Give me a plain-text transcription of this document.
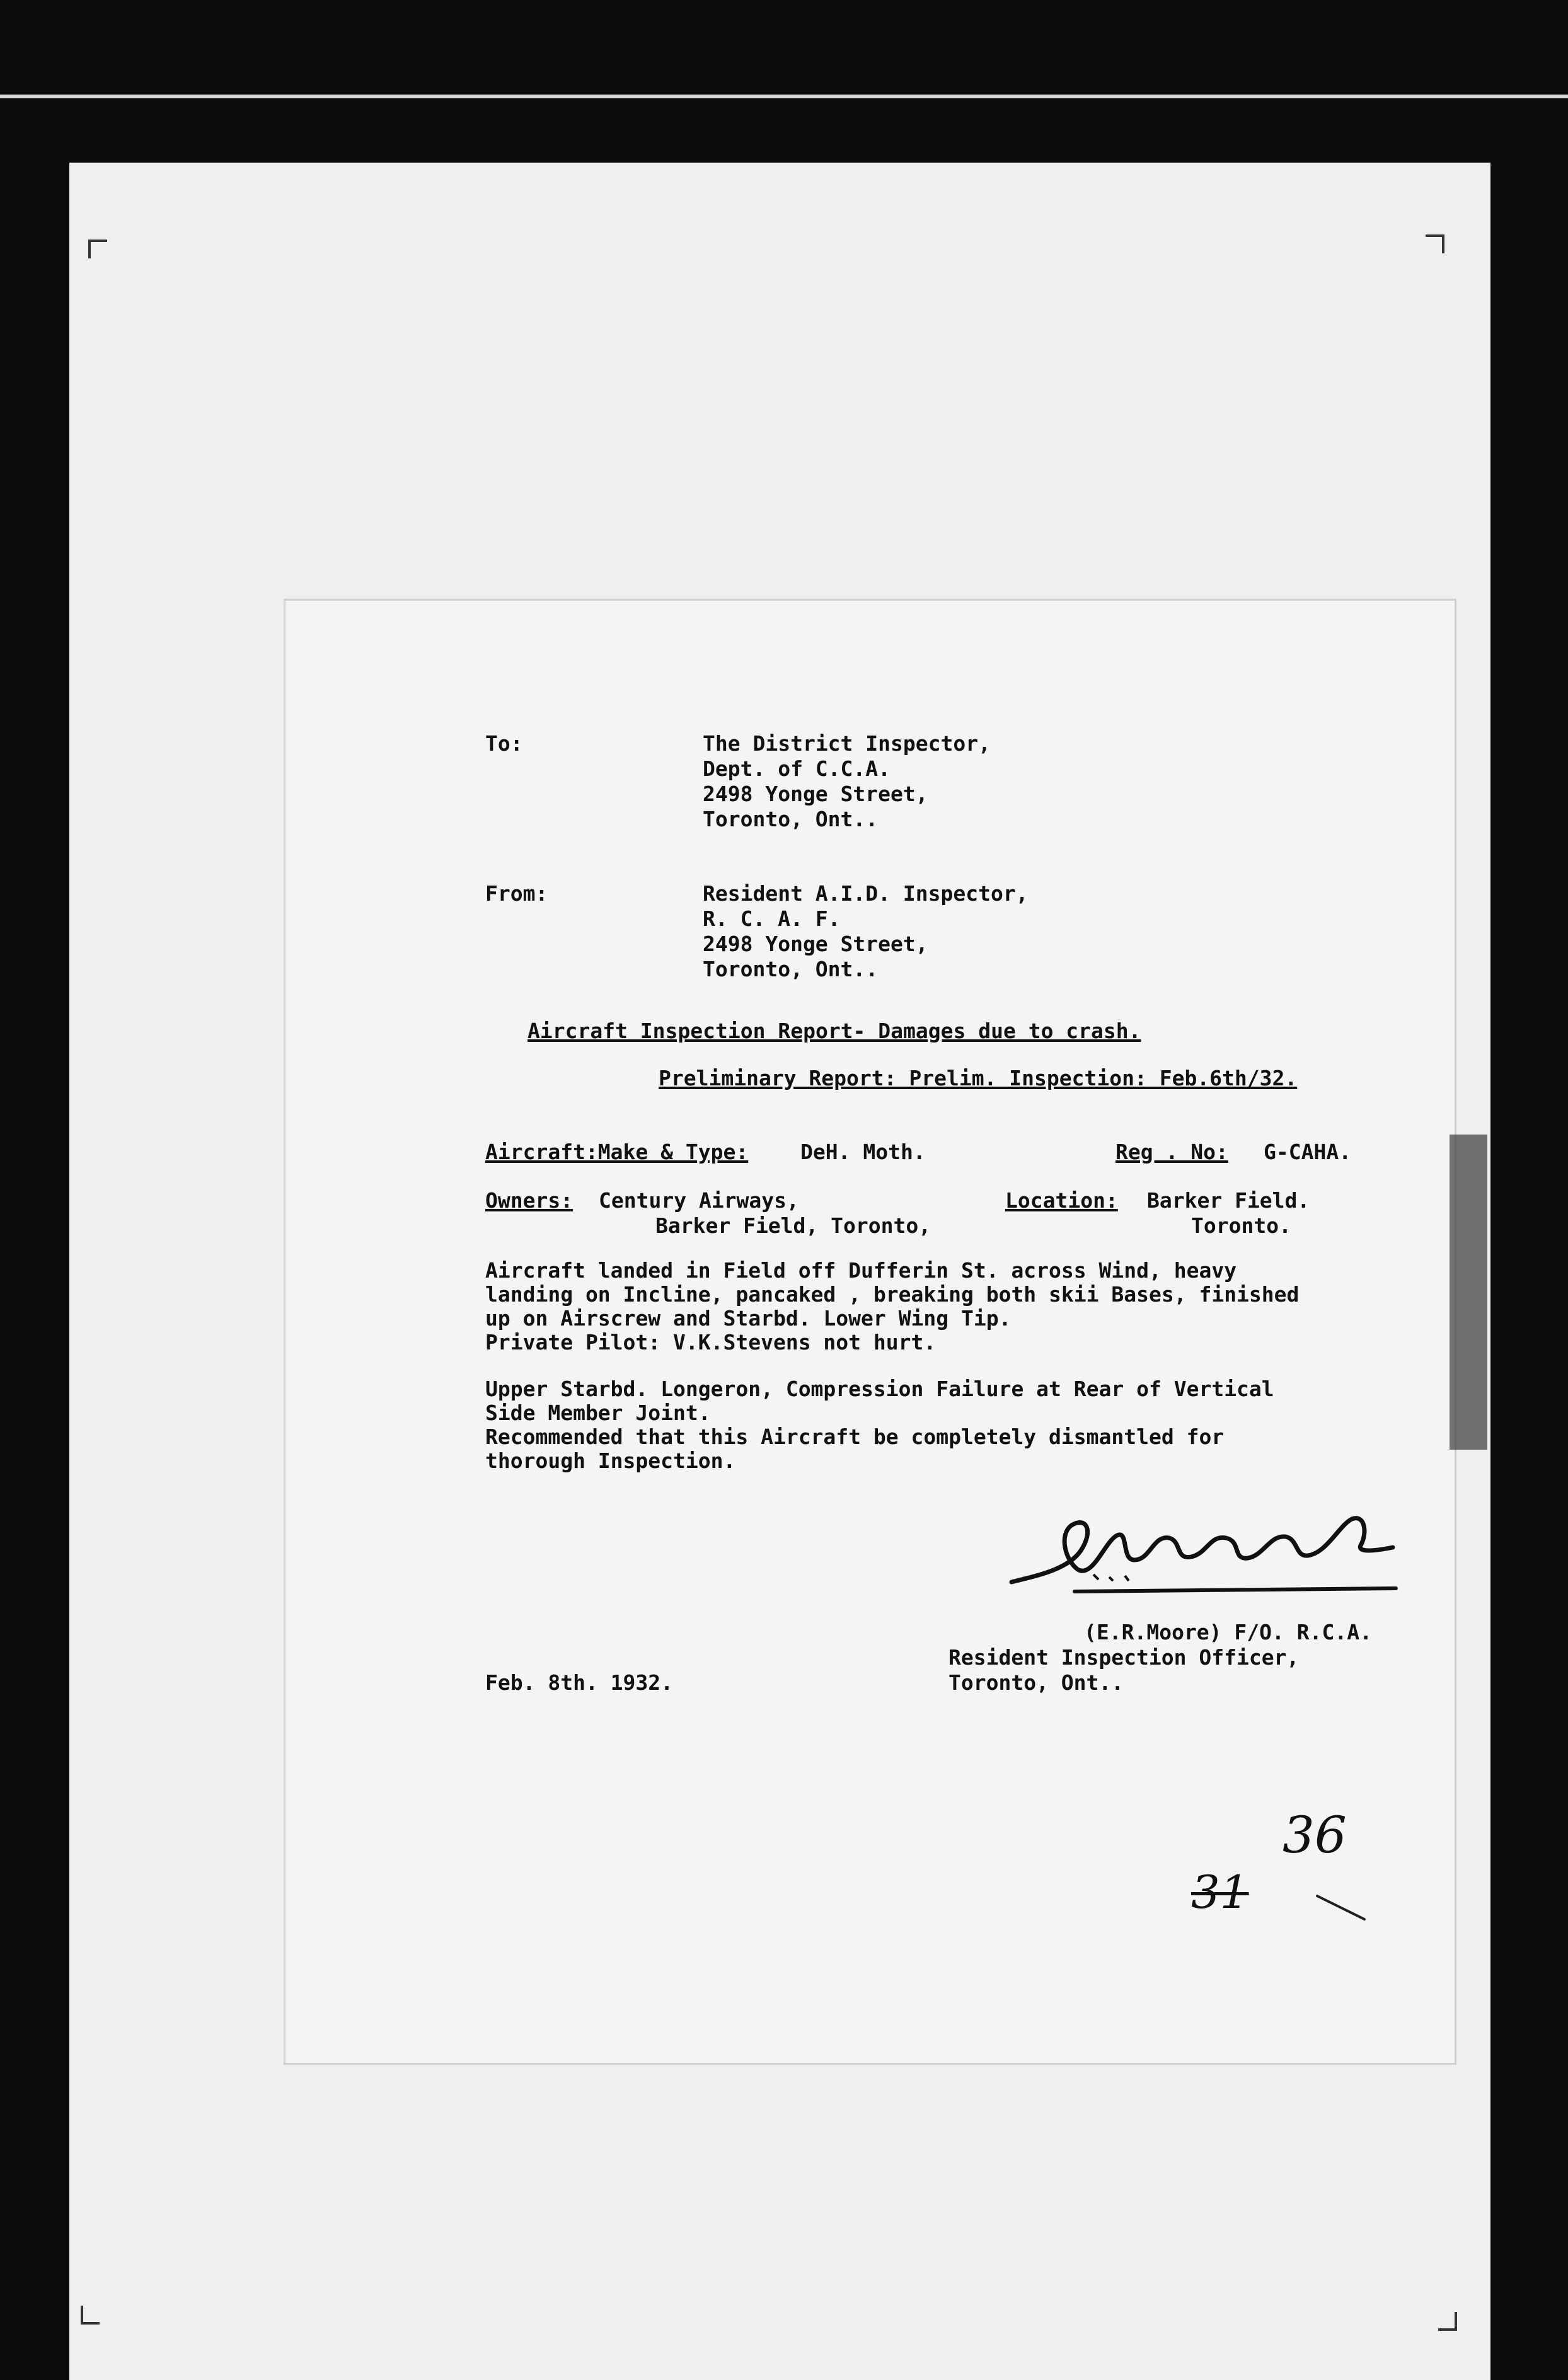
To:	The District Inspector,
Dept. of C.C.A.
2498 Yonge Street,
Toronto, Ont..
From:	Resident A.I.D. Inspector,
R. C. A. F.
2498 Yonge Street,
Toronto, Ont..
Aircraft Inspection Report- Damages due to crash.
Preliminary Report: Prelim. Inspection: Feb.6th/32.
Aircraft:Make & Type:	DeH. Moth.	Reg . No: G-CAHA.
Owners: Century Airways,
Barker Field, Toronto,
Location: Barker Field.
Toronto.
Aircraft landed in Field off Dufferin St. across Wind, heavy
landing on Incline, pancaked , breaking both skii Bases, finished
up on Airscrew and Starbd. Lower Wing Tip.
Private Pilot: V.K.Stevens not hurt.
Upper Starbd. Longeron, Compression Failure at Rear of Vertical
Side Member Joint.
Recommended that this Aircraft be completely dismantled for
thorough Inspection.
(E.R.Moore) F/O. R.C.A.
Resident Inspection Officer,
Toronto, Ont..
Feb. 8th. 1932.
31
36
